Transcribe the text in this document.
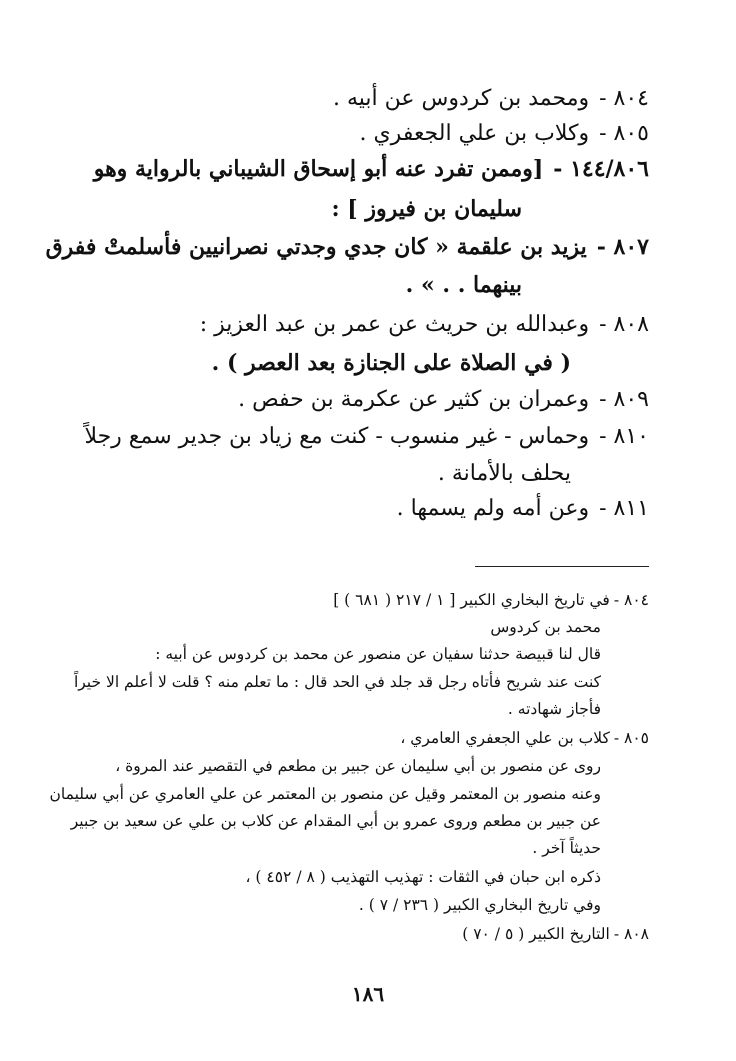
٨٠٤ -ومحمد بن كردوس عن أبيه .
٨٠٥ -وكلاب بن علي الجعفري .
١٤٤/٨٠٦ -[وممن تفرد عنه أبو إسحاق الشيباني بالرواية وهو
سليمان بن فيروز ] :
٨٠٧ -يزيد بن علقمة « كان جدي وجدتي نصرانيين فأسلمتْ ففرق
بينهما . . » .
٨٠٨ -وعبدالله بن حريث عن عمر بن عبد العزيز :
( في الصلاة على الجنازة بعد العصر ) .
٨٠٩ -وعمران بن كثير عن عكرمة بن حفص .
٨١٠ -وحماس - غير منسوب - كنت مع زياد بن جدير سمع رجلاً
يحلف بالأمانة .
٨١١ -وعن أمه ولم يسمها .
٨٠٤ -في تاريخ البخاري الكبير [ ١ / ٢١٧ ( ٦٨١ ) ]
محمد بن كردوس
قال لنا قبيصة حدثنا سفيان عن منصور عن محمد بن كردوس عن أبيه :
كنت عند شريح فأتاه رجل قد جلد في الحد قال : ما تعلم منه ؟ قلت لا أعلم الا خيراً
فأجاز شهادته .
٨٠٥ -كلاب بن علي الجعفري العامري ،
روى عن منصور بن أبي سليمان عن جبير بن مطعم في التقصير عند المروة ،
وعنه منصور بن المعتمر وقيل عن منصور بن المعتمر عن علي العامري عن أبي سليمان
عن جبير بن مطعم وروى عمرو بن أبي المقدام عن كلاب بن علي عن سعيد بن جبير
حديثاً آخر .
ذكره ابن حبان في الثقات : تهذيب التهذيب ( ٨ / ٤٥٢ ) ،
وفي تاريخ البخاري الكبير ( ٢٣٦ / ٧ ) .
٨٠٨ -التاريخ الكبير ( ٥ / ٧٠ )
١٨٦
